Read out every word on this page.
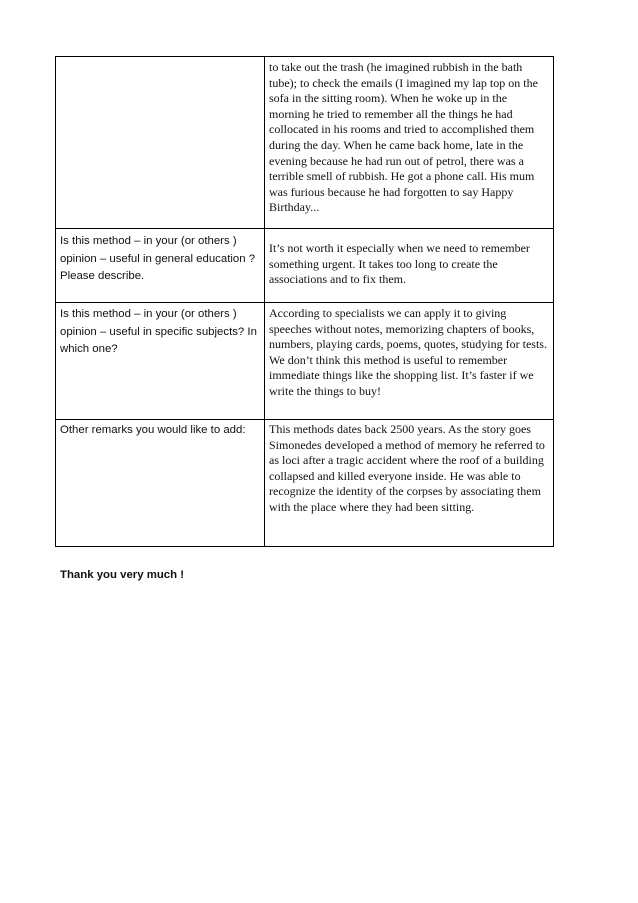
	to take out the trash (he imagined rubbish in the bath tube); to check the emails (I imagined my lap top on the sofa in the sitting room). When he woke up in the morning he tried to remember all the things he had collocated in his rooms and tried to accomplished them during the day. When he came back home, late in the evening because he had run out of petrol, there was a terrible smell of rubbish. He got a phone call. His mum was furious because he had forgotten to say Happy Birthday...

Is this method – in your (or others ) opinion – useful in general education ? Please describe.	It’s not worth it especially when we need to remember something urgent. It takes too long to create the associations and to fix them.

Is this method – in your (or others ) opinion – useful in specific subjects? In which one?	According to specialists we can apply it to giving speeches without notes, memorizing chapters of books, numbers, playing cards, poems, quotes, studying for tests.

We don’t think this method is useful to remember immediate things like the shopping list. It’s faster if we write the things to buy!

Other remarks you would like to add:	This methods dates back 2500 years. As the story goes Simonedes developed a method of memory he referred to as loci after a tragic accident where the roof of a building collapsed and killed everyone inside. He was able to recognize the identity of the corpses by associating them with the place where they had been sitting.

Thank you very much !
